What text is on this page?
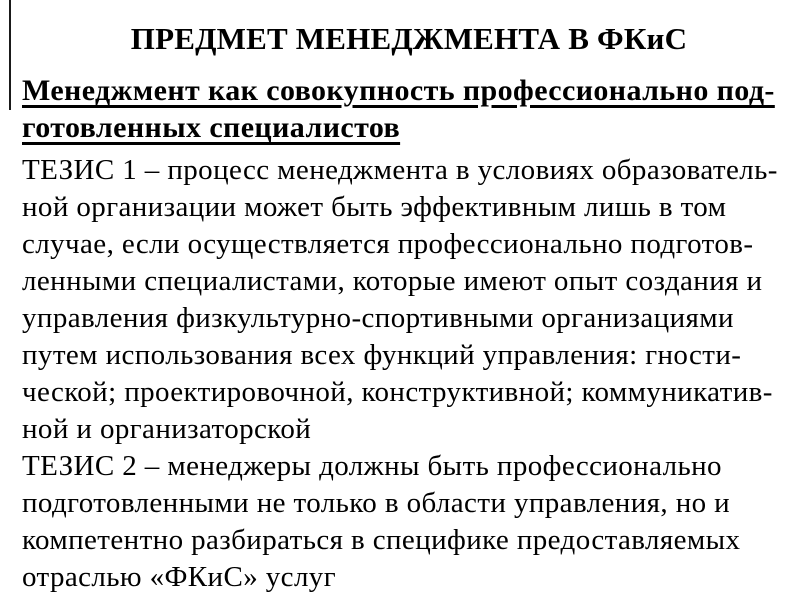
ПРЕДМЕТ МЕНЕДЖМЕНТА В ФКиС
Менеджмент как совокупность профессионально под-
готовленных специалистов
ТЕЗИС 1 – процесс менеджмента в условиях образователь-
ной организации может быть эффективным лишь в том
случае, если осуществляется профессионально подготов-
ленными специалистами, которые имеют опыт создания и
управления физкультурно-спортивными организациями
путем использования всех функций управления: гности-
ческой; проектировочной, конструктивной; коммуникатив-
ной и организаторской
ТЕЗИС 2 – менеджеры должны быть профессионально
подготовленными не только в области управления, но и
компетентно разбираться в специфике предоставляемых
отраслью «ФКиС» услуг
